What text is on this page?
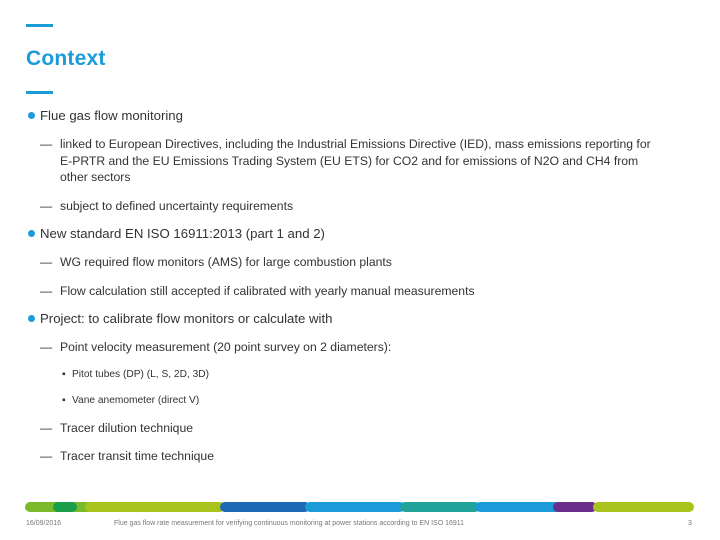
Context
Flue gas flow monitoring
— linked to European Directives, including the Industrial Emissions Directive (IED), mass emissions reporting for E-PRTR and the EU Emissions Trading System (EU ETS) for CO2 and for emissions of N2O and CH4 from other sectors
— subject to defined uncertainty requirements
New standard EN ISO 16911:2013 (part 1 and 2)
— WG required flow monitors (AMS) for large combustion plants
— Flow calculation still accepted if calibrated with yearly manual measurements
Project: to calibrate flow monitors or calculate with
— Point velocity measurement (20 point survey on 2 diameters):
▪ Pitot tubes (DP) (L, S, 2D, 3D)
▪ Vane anemometer (direct V)
— Tracer dilution technique
— Tracer transit time technique
16/09/2016	Flue gas flow rate measurement for verifying continuous monitoring at power stations according to EN ISO 16911	3
